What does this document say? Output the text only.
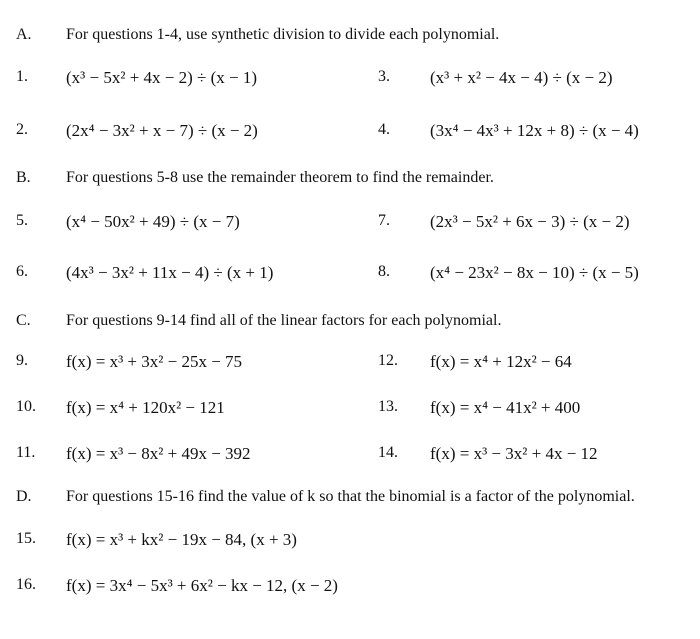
A. For questions 1-4, use synthetic division to divide each polynomial.
1. (x³ − 5x² + 4x − 2) ÷ (x − 1)	3. (x³ + x² − 4x − 4) ÷ (x − 2)
2. (2x⁴ − 3x² + x − 7) ÷ (x − 2)	4. (3x⁴ − 4x³ + 12x + 8) ÷ (x − 4)
B. For questions 5-8 use the remainder theorem to find the remainder.
5. (x⁴ − 50x² + 49) ÷ (x − 7)	7. (2x³ − 5x² + 6x − 3) ÷ (x − 2)
6. (4x³ − 3x² + 11x − 4) ÷ (x + 1)	8. (x⁴ − 23x² − 8x − 10) ÷ (x − 5)
C. For questions 9-14 find all of the linear factors for each polynomial.
9. f(x) = x³ + 3x² − 25x − 75	12. f(x) = x⁴ + 12x² − 64
10. f(x) = x⁴ + 120x² − 121	13. f(x) = x⁴ − 41x² + 400
11. f(x) = x³ − 8x² + 49x − 392	14. f(x) = x³ − 3x² + 4x − 12
D. For questions 15-16 find the value of k so that the binomial is a factor of the polynomial.
15. f(x) = x³ + kx² − 19x − 84, (x + 3)
16. f(x) = 3x⁴ − 5x³ + 6x² − kx − 12, (x − 2)
